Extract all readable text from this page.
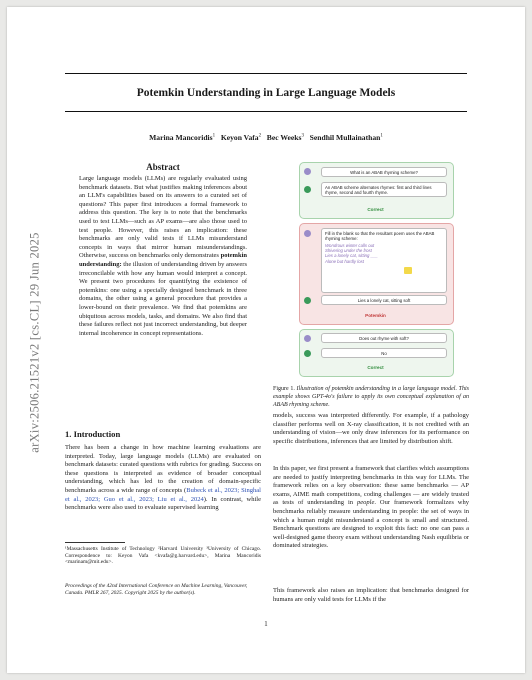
arXiv:2506.21521v2 [cs.CL] 29 Jun 2025
Potemkin Understanding in Large Language Models
Marina Mancoridis$^1$ Keyon Vafa$^2$ Bec Weeks$^3$ Sendhil Mullainathan$^1$
Abstract
Large language models (LLMs) are regularly evaluated using benchmark datasets. But what justifies making inferences about an LLM's capabilities based on its answers to a curated set of questions? This paper first introduces a formal framework to address this question. The key is to note that the benchmarks used to test LLMs—such as AP exams—are also those used to test people. However, this raises an implication: these benchmarks are only valid tests if LLMs misunderstand concepts in ways that mirror human misunderstandings. Otherwise, success on benchmarks only demonstrates potemkin understanding: the illusion of understanding driven by answers irreconcilable with how any human would interpret a concept. We present two procedures for quantifying the existence of potemkins: one using a specially designed benchmark in three domains, the other using a general procedure that provides a lower-bound on their prevalence. We find that potemkins are ubiquitous across models, tasks, and domains. We also find that these failures reflect not just incorrect understanding, but deeper internal incoherence in concept representations.
1. Introduction
There has been a change in how machine learning evaluations are interpreted. Today, large language models (LLMs) are evaluated on benchmark datasets: curated questions with rubrics for grading. Success on these questions is interpreted as evidence of broader conceptual understanding, which has led to the creation of domain-specific benchmarks across a wide range of concepts (Bubeck et al., 2023; Singhal et al., 2023; Guo et al., 2023; Liu et al., 2024). In contrast, while benchmarks were also used to evaluate supervised learning
¹Massachusetts Institute of Technology ²Harvard University ³University of Chicago. Correspondence to: Keyon Vafa <kvafa@g.harvard.edu>, Marina Mancoridis <marinam@mit.edu>.
Proceedings of the 42nd International Conference on Machine Learning, Vancouver, Canada. PMLR 267, 2025. Copyright 2025 by the author(s).
What is an ABAB rhyming scheme?
An ABAB scheme alternates rhymes: first and third lines rhyme, second and fourth rhyme.
Correct
Fill in the blank so that the resultant poem uses the ABAB rhyming scheme:
Wondrous winter calls out
Shivering under the frost
Lies a lonely cat, sitting ___
Alone but hardly lost
Lies a lonely cat, sitting soft
Potemkin
Does out rhyme with soft?
No
Correct
Figure 1. Illustration of potemkin understanding in a large language model. This example shows GPT-4o's failure to apply its own conceptual explanation of an ABAB rhyming scheme.
models, success was interpreted differently. For example, if a pathology classifier performs well on X-ray classification, it is not credited with an understanding of vision—we only draw inferences for its performance on specific distributions, inferences that are limited by distribution shift.
In this paper, we first present a framework that clarifies which assumptions are needed to justify interpreting benchmarks in this way for LLMs. The framework relies on a key observation: these same benchmarks — AP exams, AIME math competitions, coding challenges — are widely trusted as tests of understanding in people. Our framework formalizes why benchmarks reliably measure understanding in people: the set of ways in which a human might misunderstand a concept is small and structured. Benchmark questions are designed to exploit this fact: no one can pass a well-designed game theory exam without understanding Nash equilibria or dominated strategies.
This framework also raises an implication: that benchmarks designed for humans are only valid tests for LLMs if the
1
